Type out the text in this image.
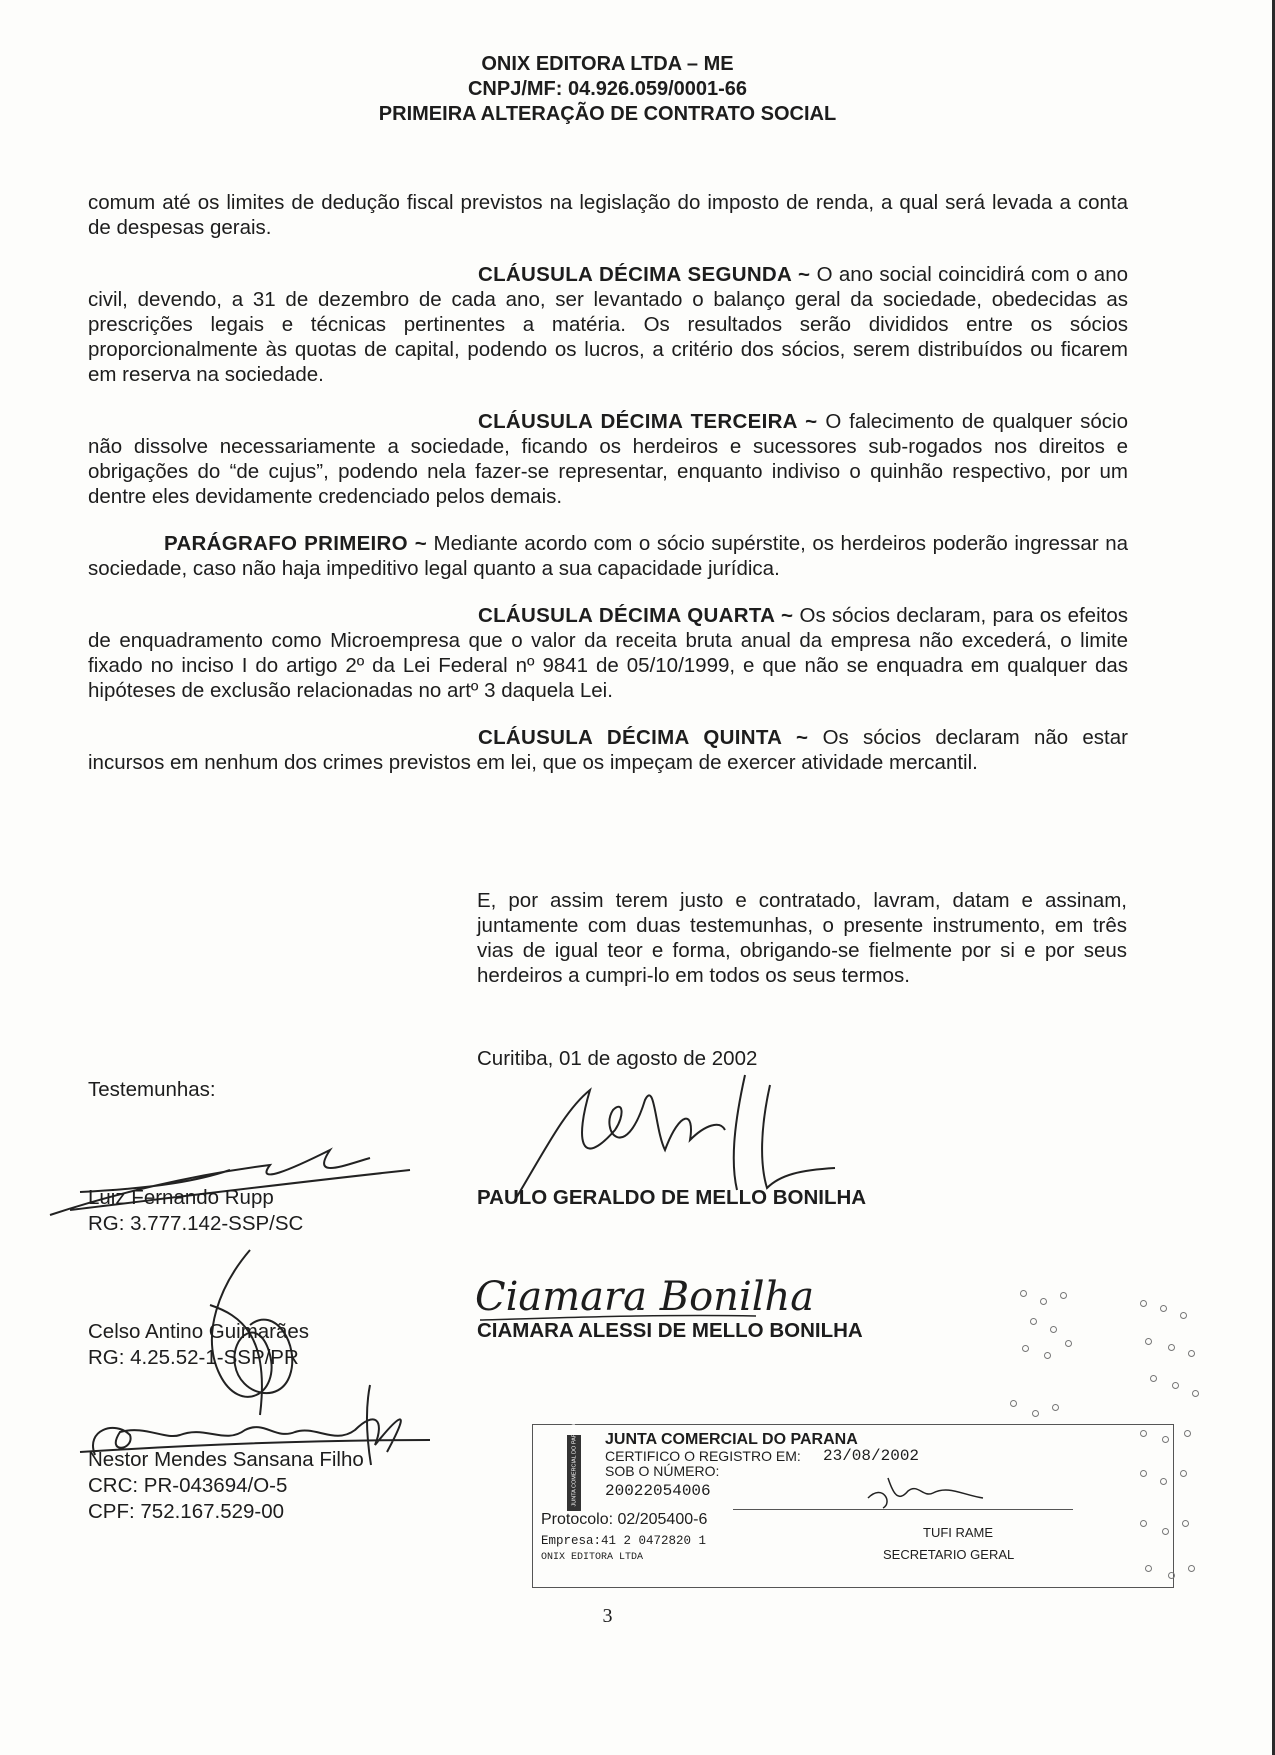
ONIX EDITORA LTDA – ME
CNPJ/MF: 04.926.059/0001-66
PRIMEIRA ALTERAÇÃO DE CONTRATO SOCIAL

comum até os limites de dedução fiscal previstos na legislação do imposto de renda, a qual será levada a conta de despesas gerais.

CLÁUSULA DÉCIMA SEGUNDA ~ O ano social coincidirá com o ano civil, devendo, a 31 de dezembro de cada ano, ser levantado o balanço geral da sociedade, obedecidas as prescrições legais e técnicas pertinentes a matéria. Os resultados serão divididos entre os sócios proporcionalmente às quotas de capital, podendo os lucros, a critério dos sócios, serem distribuídos ou ficarem em reserva na sociedade.

CLÁUSULA DÉCIMA TERCEIRA ~ O falecimento de qualquer sócio não dissolve necessariamente a sociedade, ficando os herdeiros e sucessores sub-rogados nos direitos e obrigações do “de cujus”, podendo nela fazer-se representar, enquanto indiviso o quinhão respectivo, por um dentre eles devidamente credenciado pelos demais.

PARÁGRAFO PRIMEIRO ~ Mediante acordo com o sócio supérstite, os herdeiros poderão ingressar na sociedade, caso não haja impeditivo legal quanto a sua capacidade jurídica.

CLÁUSULA DÉCIMA QUARTA ~ Os sócios declaram, para os efeitos de enquadramento como Microempresa que o valor da receita bruta anual da empresa não excederá, o limite fixado no inciso I do artigo 2º da Lei Federal nº 9841 de 05/10/1999, e que não se enquadra em qualquer das hipóteses de exclusão relacionadas no artº 3 daquela Lei.

CLÁUSULA DÉCIMA QUINTA ~ Os sócios declaram não estar incursos em nenhum dos crimes previstos em lei, que os impeçam de exercer atividade mercantil.

E, por assim terem justo e contratado, lavram, datam e assinam, juntamente com duas testemunhas, o presente instrumento, em três vias de igual teor e forma, obrigando-se fielmente por si e por seus herdeiros a cumpri-lo em todos os seus termos.

Curitiba, 01 de agosto de 2002
Testemunhas:
PAULO GERALDO DE MELLO BONILHA
Ciamara Bonilha
CIAMARA ALESSI DE MELLO BONILHA
Luiz Fernando Rupp
RG: 3.777.142-SSP/SC
Celso Antino Guimarães
RG: 4.25.52-1-SSP/PR
Nestor Mendes Sansana Filho
CRC: PR-043694/O-5
CPF: 752.167.529-00
JUNTA COMERCIAL DO PARANA JUNTA COMERCIAL DO PARANA
CERTIFICO O REGISTRO EM: 23/08/2002
SOB O NÚMERO:
20022054006
Protocolo: 02/205400-6
Empresa:41 2 0472820 1
ONIX EDITORA LTDA
TUFI RAME
SECRETARIO GERAL
3
